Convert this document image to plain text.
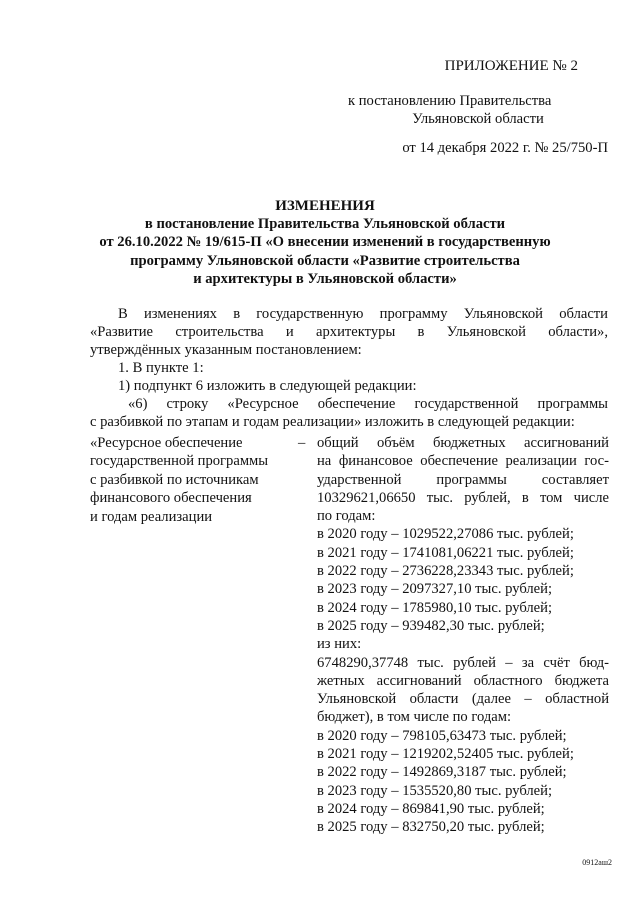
ПРИЛОЖЕНИЕ № 2
к постановлению Правительства
Ульяновской области
от 14 декабря 2022 г. № 25/750-П
ИЗМЕНЕНИЯ
в постановление Правительства Ульяновской области
от 26.10.2022 № 19/615-П «О внесении изменений в государственную
программу Ульяновской области «Развитие строительства
и архитектуры в Ульяновской области»
В изменениях в государственную программу Ульяновской области
«Развитие строительства и архитектуры в Ульяновской области»,
утверждённых указанным постановлением:
1. В пункте 1:
1) подпункт 6 изложить в следующей редакции:
«6) строку «Ресурсное обеспечение государственной программы
с разбивкой по этапам и годам реализации» изложить в следующей редакции:
«Ресурсное обеспечение
государственной программы
с разбивкой по источникам
финансового обеспечения
и годам реализации
– общий объём бюджетных ассигнований
на финансовое обеспечение реализации гос-
ударственной программы составляет
10329621,06650 тыс. рублей, в том числе
по годам:
в 2020 году – 1029522,27086 тыс. рублей;
в 2021 году – 1741081,06221 тыс. рублей;
в 2022 году – 2736228,23343 тыс. рублей;
в 2023 году – 2097327,10 тыс. рублей;
в 2024 году – 1785980,10 тыс. рублей;
в 2025 году – 939482,30 тыс. рублей;
из них:
6748290,37748 тыс. рублей – за счёт бюд-
жетных ассигнований областного бюджета
Ульяновской области (далее – областной
бюджет), в том числе по годам:
в 2020 году – 798105,63473 тыс. рублей;
в 2021 году – 1219202,52405 тыс. рублей;
в 2022 году – 1492869,3187 тыс. рублей;
в 2023 году – 1535520,80 тыс. рублей;
в 2024 году – 869841,90 тыс. рублей;
в 2025 году – 832750,20 тыс. рублей;
0912аш2
